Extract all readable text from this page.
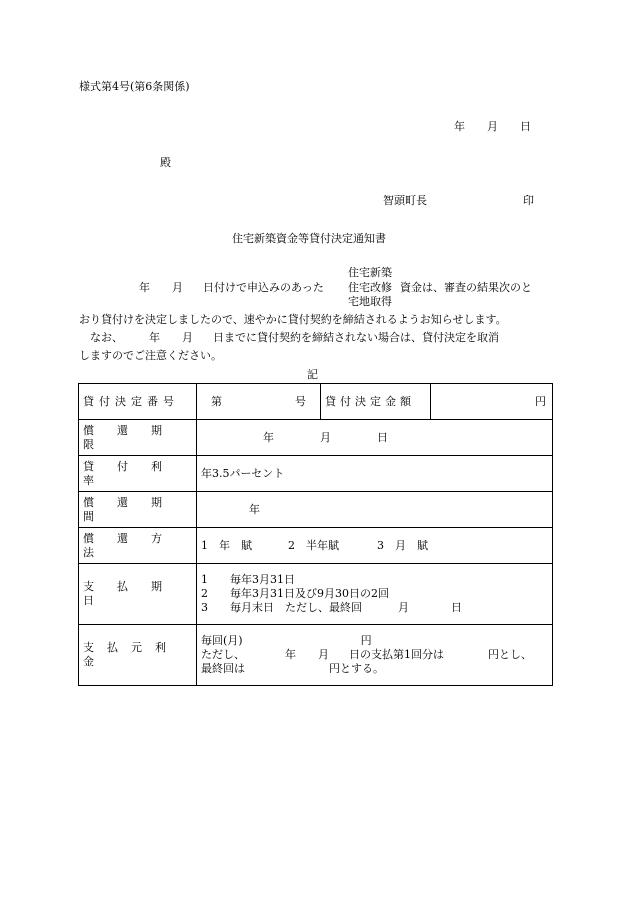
様式第4号(第6条関係)
年 月 日
殿
智頭町長	印
住宅新築資金等貸付決定通知書
住宅新築
年 月 日付けで申込みのあった 住宅改修 資金は、審査の結果次のと
宅地取得
おり貸付けを決定しましたので、速やかに貸付契約を締結されるようお知らせします。
なお、 年 月 日までに貸付契約を締結されない場合は、貸付決定を取消
しますのでご注意ください。
記
貸付決定番号	第 号	貸付決定金額	円
償還期限	年 月 日		
貸付利率	年3.5パーセント		
償還期間	年		
償還方法	1　年　賦 2　半年賦 3　月　賦		
支払期日	1　　毎年3月31日
2　　毎年3月31日及び9月30日の2回
3　　毎月末日　ただし、最終回 月 日		

支払元利金	毎回(月) 円
ただし、 年 月 日の支払第1回分は 円とし、
最終回は 円とする。		
